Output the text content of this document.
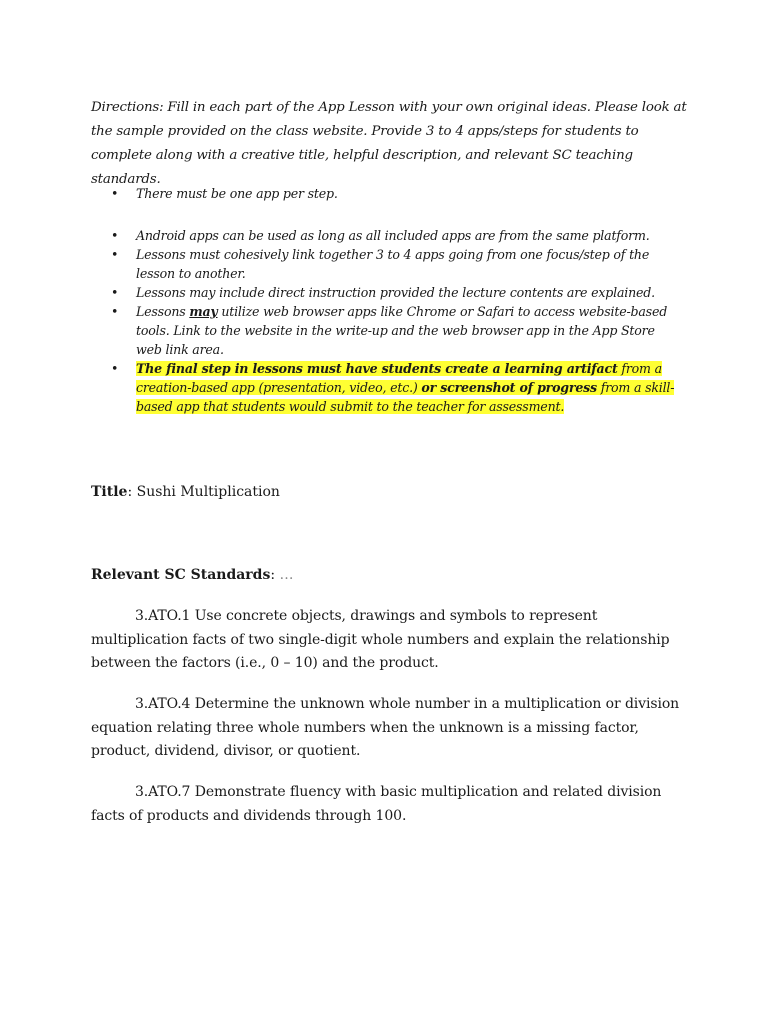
Directions: Fill in each part of the App Lesson with your own original ideas. Please look at the sample provided on the class website. Provide 3 to 4 apps/steps for students to complete along with a creative title, helpful description, and relevant SC teaching standards.

• There must be one app per step.
• Android apps can be used as long as all included apps are from the same platform.
• Lessons must cohesively link together 3 to 4 apps going from one focus/step of the lesson to another.
• Lessons may include direct instruction provided the lecture contents are explained.
• Lessons may utilize web browser apps like Chrome or Safari to access website-based tools. Link to the website in the write-up and the web browser app in the App Store web link area.
• The final step in lessons must have students create a learning artifact from a creation-based app (presentation, video, etc.) or screenshot of progress from a skill-based app that students would submit to the teacher for assessment.
Title: Sushi Multiplication
Relevant SC Standards: …

3.ATO.1 Use concrete objects, drawings and symbols to represent multiplication facts of two single-digit whole numbers and explain the relationship between the factors (i.e., 0 – 10) and the product.

3.ATO.4 Determine the unknown whole number in a multiplication or division equation relating three whole numbers when the unknown is a missing factor, product, dividend, divisor, or quotient.

3.ATO.7 Demonstrate fluency with basic multiplication and related division facts of products and dividends through 100.
